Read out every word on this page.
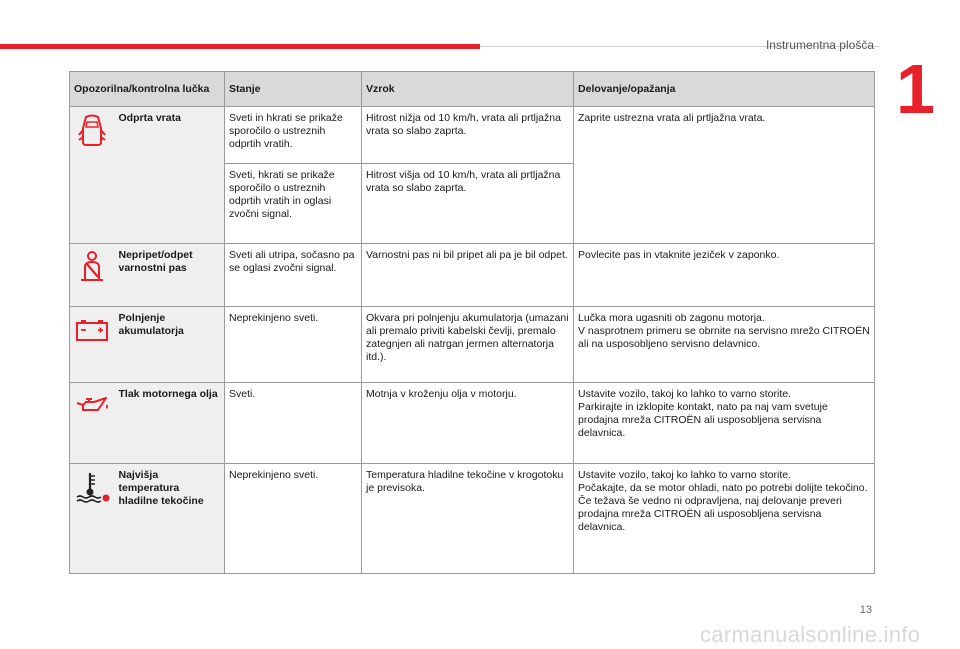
Instrumentna plošča
1
Opozorilna/kontrolna lučka		Stanje	Vzrok	Delovanje/opažanja

	Odprta vrata	Sveti in hkrati se prikaže sporočilo o ustreznih odprtih vratih.	Hitrost nižja od 10 km/h, vrata ali prtljažna vrata so slabo zaprta.	Zaprite ustrezna vrata ali prtljažna vrata.
		Sveti, hkrati se prikaže sporočilo o ustreznih odprtih vratih in oglasi zvočni signal.	Hitrost višja od 10 km/h, vrata ali prtljažna vrata so slabo zaprta.	

	Nepripet/odpet varnostni pas	Sveti ali utripa, sočasno pa se oglasi zvočni signal.	Varnostni pas ni bil pripet ali pa je bil odpet.	Povlecite pas in vtaknite jeziček v zaponko.

	Polnjenje akumulatorja	Neprekinjeno sveti.	Okvara pri polnjenju akumulatorja (umazani ali premalo priviti kabelski čevlji, premalo zategnjen ali natrgan jermen alternatorja itd.).	Lučka mora ugasniti ob zagonu motorja.
V nasprotnem primeru se obrnite na servisno mrežo CITROËN ali na usposobljeno servisno delavnico.

	Tlak motornega olja	Sveti.	Motnja v kroženju olja v motorju.	Ustavite vozilo, takoj ko lahko to varno storite.
Parkirajte in izklopite kontakt, nato pa naj vam svetuje prodajna mreža CITROËN ali usposobljena servisna delavnica.

	Najvišja temperatura hladilne tekočine	Neprekinjeno sveti.	Temperatura hladilne tekočine v krogotoku je previsoka.	Ustavite vozilo, takoj ko lahko to varno storite.
Počakajte, da se motor ohladi, nato po potrebi dolijte tekočino.
Če težava še vedno ni odpravljena, naj delovanje preveri prodajna mreža CITROËN ali usposobljena servisna delavnica.
13
carmanualsonline.info
